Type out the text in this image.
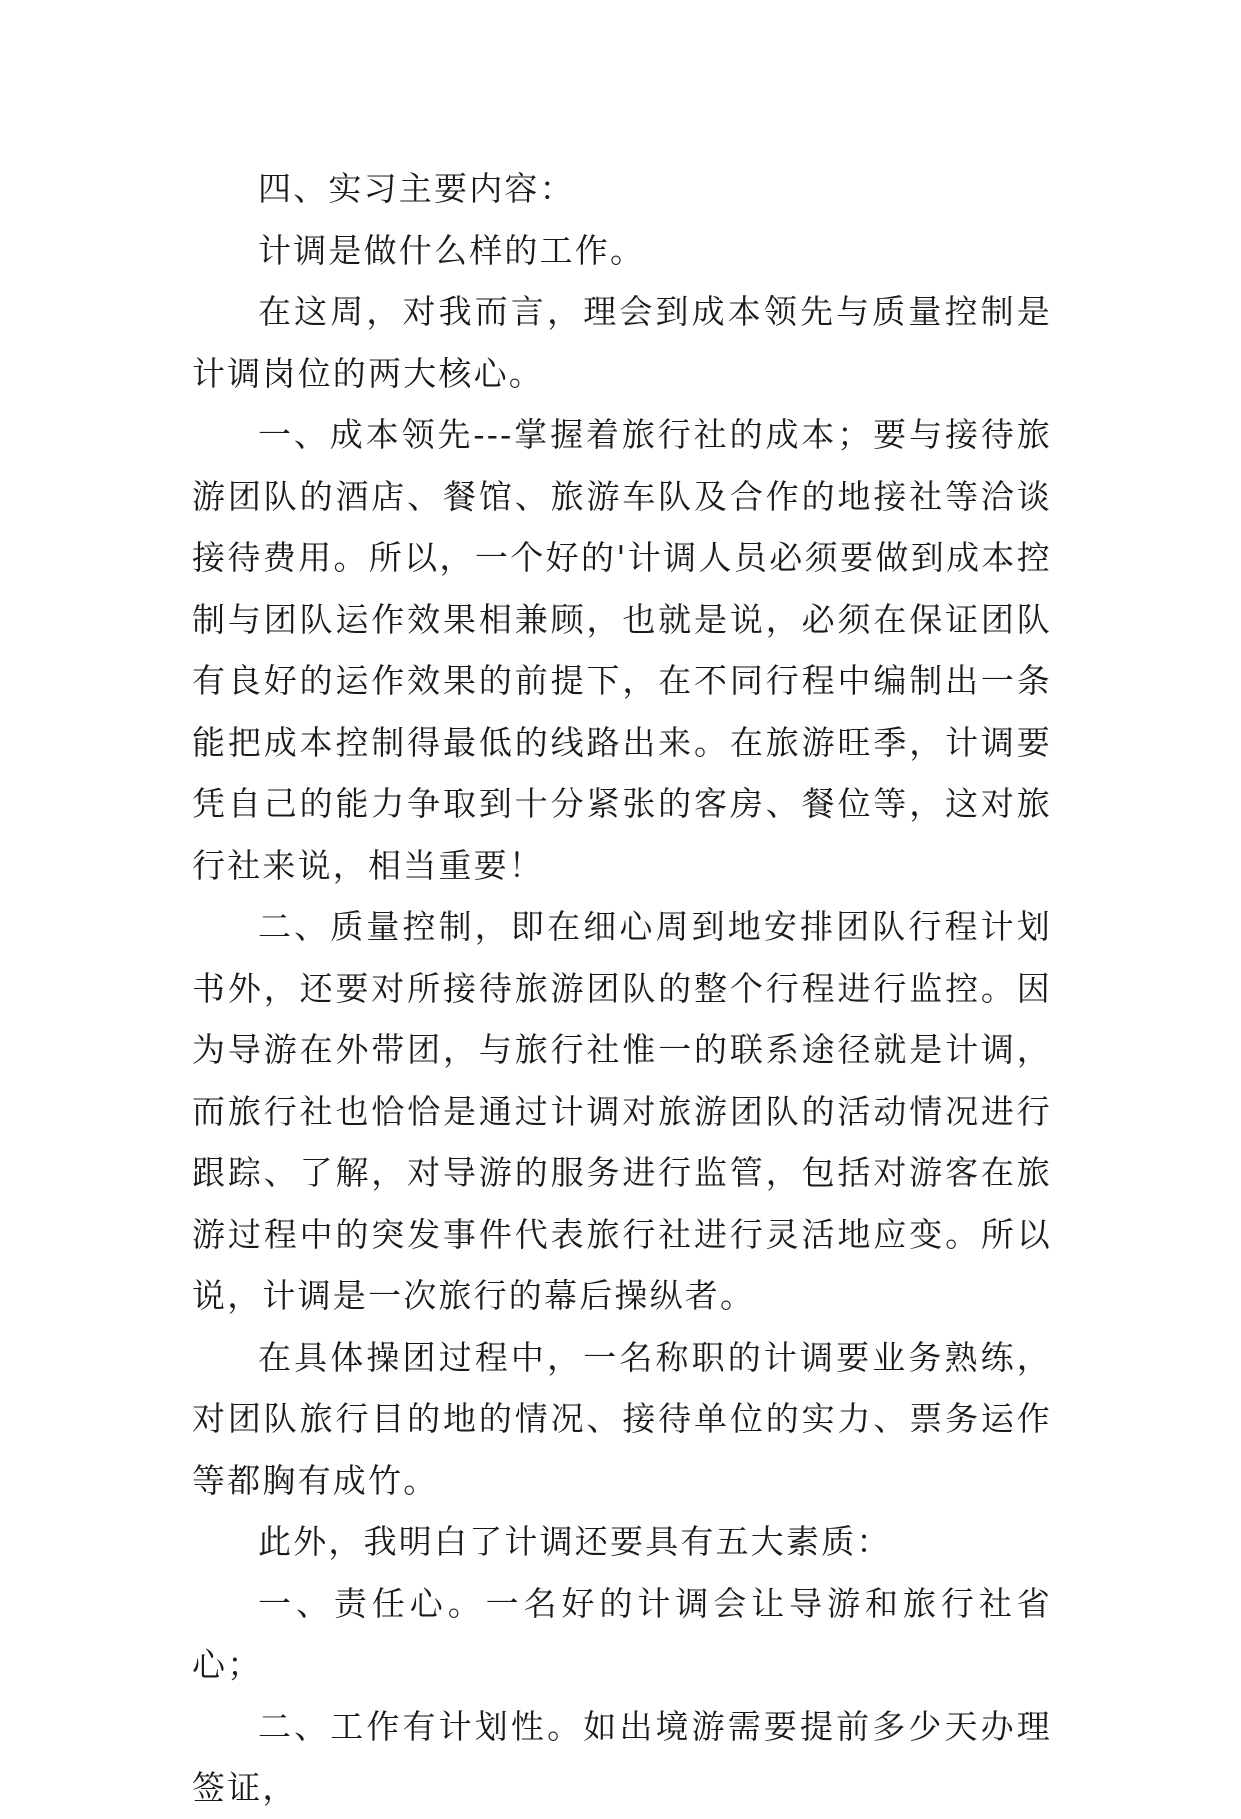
四、实习主要内容：

计调是做什么样的工作。

在这周，对我而言，理会到成本领先与质量控制是计调岗位的两大核心。

一、成本领先---掌握着旅行社的成本；要与接待旅游团队的酒店、餐馆、旅游车队及合作的地接社等洽谈接待费用。所以，一个好的'计调人员必须要做到成本控制与团队运作效果相兼顾，也就是说，必须在保证团队有良好的运作效果的前提下，在不同行程中编制出一条能把成本控制得最低的线路出来。在旅游旺季，计调要凭自己的能力争取到十分紧张的客房、餐位等，这对旅行社来说，相当重要！

二、质量控制，即在细心周到地安排团队行程计划书外，还要对所接待旅游团队的整个行程进行监控。因为导游在外带团，与旅行社惟一的联系途径就是计调，而旅行社也恰恰是通过计调对旅游团队的活动情况进行跟踪、了解，对导游的服务进行监管，包括对游客在旅游过程中的突发事件代表旅行社进行灵活地应变。所以说，计调是一次旅行的幕后操纵者。

在具体操团过程中，一名称职的计调要业务熟练，对团队旅行目的地的情况、接待单位的实力、票务运作等都胸有成竹。

此外，我明白了计调还要具有五大素质：

一、责任心。一名好的计调会让导游和旅行社省心；

二、工作有计划性。如出境游需要提前多少天办理签证，
